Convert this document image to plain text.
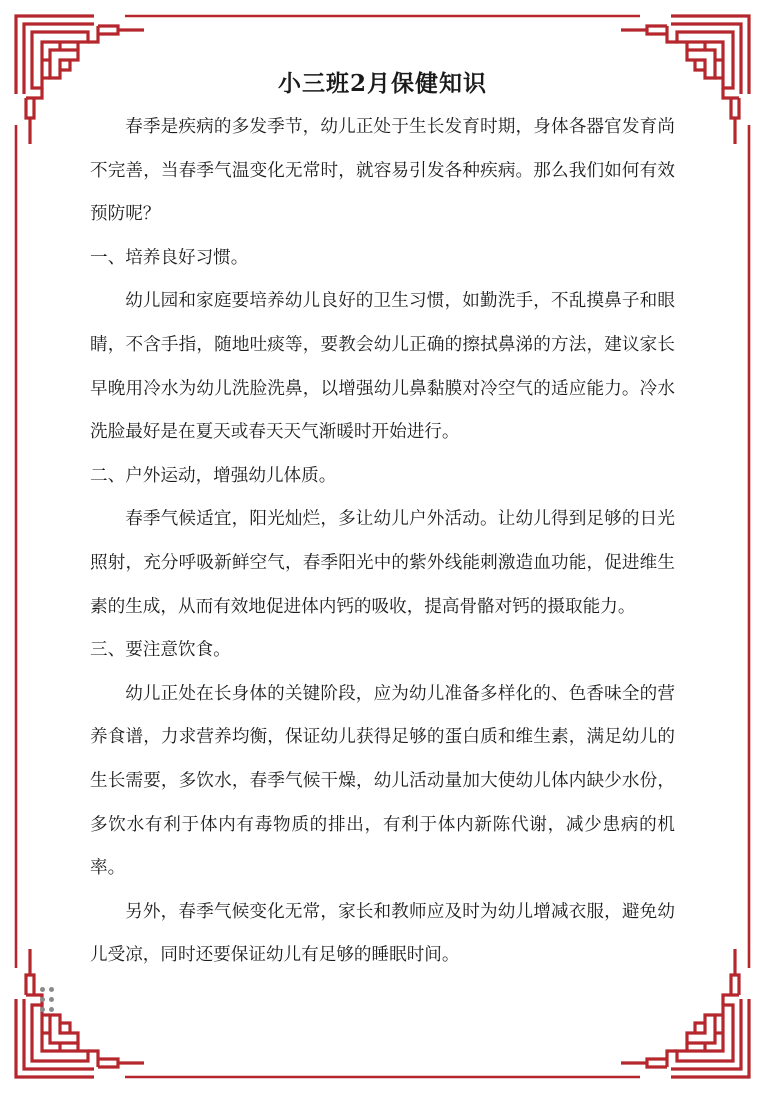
小三班2月保健知识

春季是疾病的多发季节，幼儿正处于生长发育时期，身体各器官发育尚不完善，当春季气温变化无常时，就容易引发各种疾病。那么我们如何有效预防呢？

一、培养良好习惯。

幼儿园和家庭要培养幼儿良好的卫生习惯，如勤洗手，不乱摸鼻子和眼睛，不含手指，随地吐痰等，要教会幼儿正确的擦拭鼻涕的方法，建议家长早晚用冷水为幼儿洗脸洗鼻，以增强幼儿鼻黏膜对冷空气的适应能力。冷水洗脸最好是在夏天或春天天气渐暖时开始进行。

二、户外运动，增强幼儿体质。

春季气候适宜，阳光灿烂，多让幼儿户外活动。让幼儿得到足够的日光照射，充分呼吸新鲜空气，春季阳光中的紫外线能刺激造血功能，促进维生素的生成，从而有效地促进体内钙的吸收，提高骨骼对钙的摄取能力。

三、要注意饮食。

幼儿正处在长身体的关键阶段，应为幼儿准备多样化的、色香味全的营养食谱，力求营养均衡，保证幼儿获得足够的蛋白质和维生素，满足幼儿的生长需要，多饮水，春季气候干燥，幼儿活动量加大使幼儿体内缺少水份，多饮水有利于体内有毒物质的排出，有利于体内新陈代谢，减少患病的机率。

另外，春季气候变化无常，家长和教师应及时为幼儿增减衣服，避免幼儿受凉，同时还要保证幼儿有足够的睡眠时间。
